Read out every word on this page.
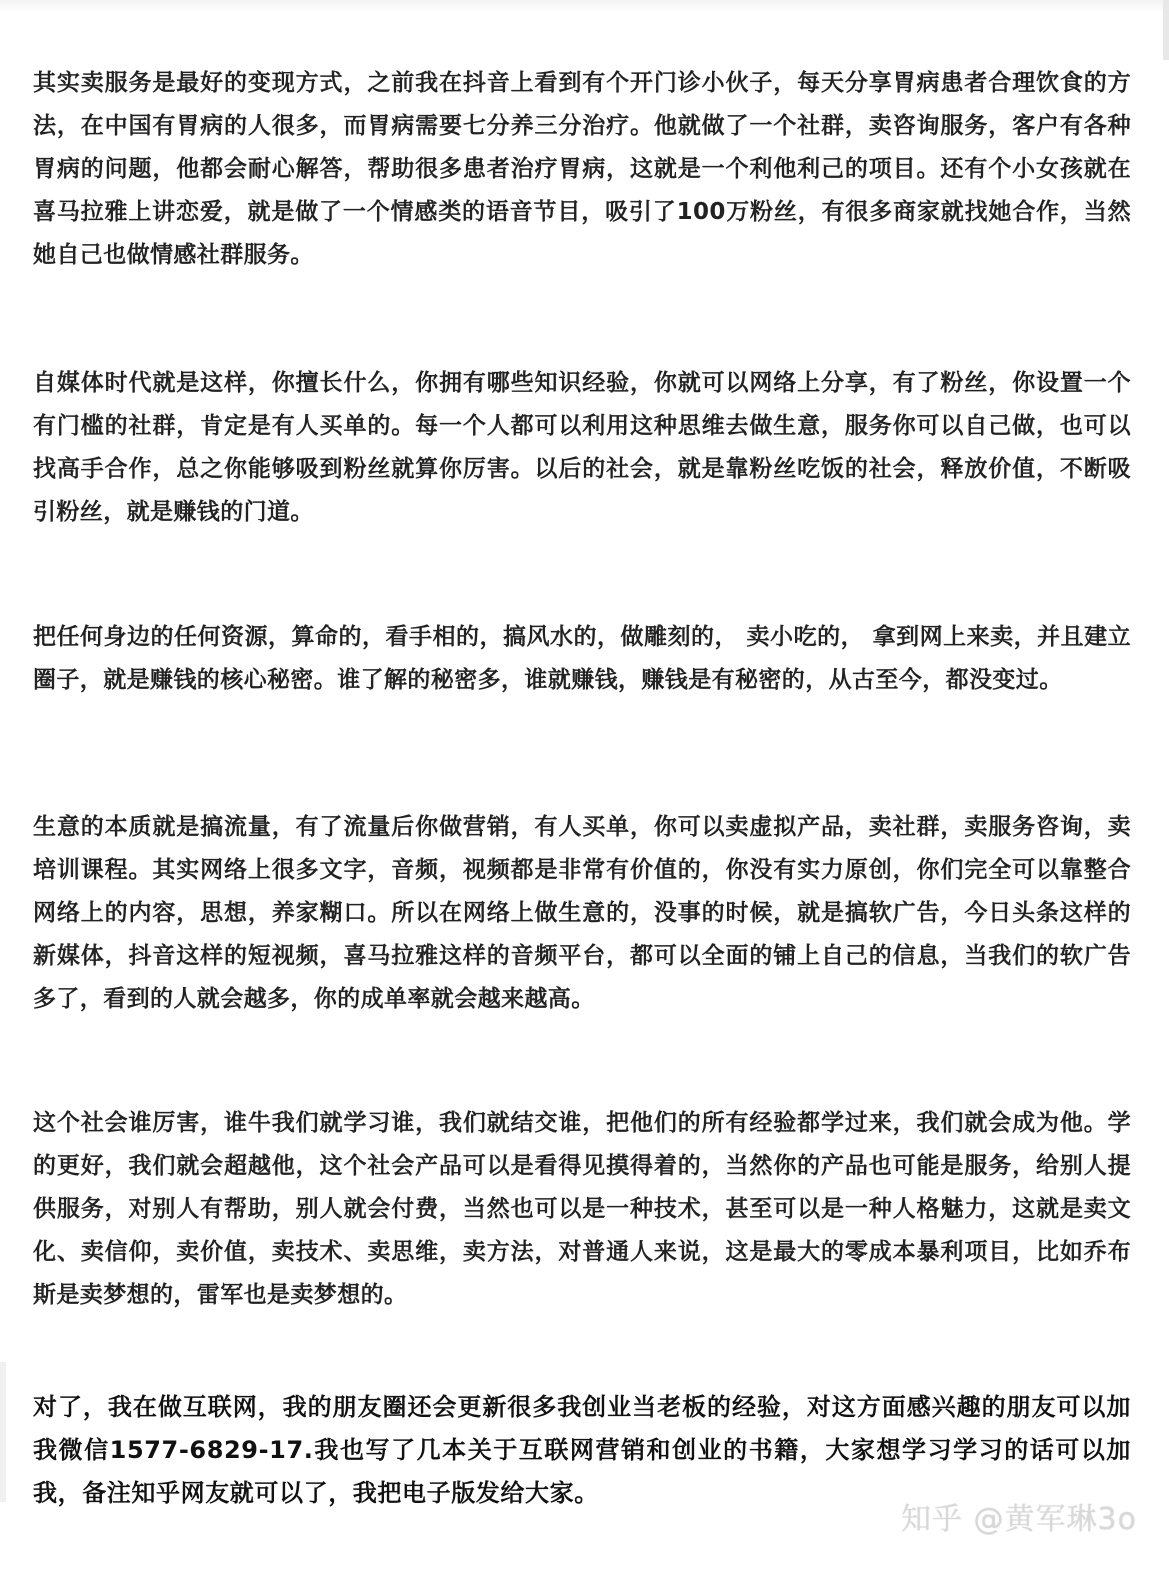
其实卖服务是最好的变现方式，之前我在抖音上看到有个开门诊小伙子，每天分享胃病患者合理饮食的方法，在中国有胃病的人很多，而胃病需要七分养三分治疗。他就做了一个社群，卖咨询服务，客户有各种胃病的问题，他都会耐心解答，帮助很多患者治疗胃病，这就是一个利他利己的项目。还有个小女孩就在喜马拉雅上讲恋爱，就是做了一个情感类的语音节目，吸引了100万粉丝，有很多商家就找她合作，当然她自己也做情感社群服务。

自媒体时代就是这样，你擅长什么，你拥有哪些知识经验，你就可以网络上分享，有了粉丝，你设置一个有门槛的社群，肯定是有人买单的。每一个人都可以利用这种思维去做生意，服务你可以自己做，也可以找高手合作，总之你能够吸到粉丝就算你厉害。以后的社会，就是靠粉丝吃饭的社会，释放价值，不断吸引粉丝，就是赚钱的门道。

把任何身边的任何资源，算命的，看手相的，搞风水的，做雕刻的， 卖小吃的， 拿到网上来卖，并且建立圈子，就是赚钱的核心秘密。谁了解的秘密多，谁就赚钱，赚钱是有秘密的，从古至今，都没变过。

生意的本质就是搞流量，有了流量后你做营销，有人买单，你可以卖虚拟产品，卖社群，卖服务咨询，卖培训课程。其实网络上很多文字，音频，视频都是非常有价值的，你没有实力原创，你们完全可以靠整合网络上的内容，思想，养家糊口。所以在网络上做生意的，没事的时候，就是搞软广告，今日头条这样的新媒体，抖音这样的短视频，喜马拉雅这样的音频平台，都可以全面的铺上自己的信息，当我们的软广告多了，看到的人就会越多，你的成单率就会越来越高。

这个社会谁厉害，谁牛我们就学习谁，我们就结交谁，把他们的所有经验都学过来，我们就会成为他。学的更好，我们就会超越他，这个社会产品可以是看得见摸得着的，当然你的产品也可能是服务，给别人提供服务，对别人有帮助，别人就会付费，当然也可以是一种技术，甚至可以是一种人格魅力，这就是卖文化、卖信仰，卖价值，卖技术、卖思维，卖方法，对普通人来说，这是最大的零成本暴利项目，比如乔布斯是卖梦想的，雷军也是卖梦想的。

对了，我在做互联网，我的朋友圈还会更新很多我创业当老板的经验，对这方面感兴趣的朋友可以加我微信1577-6829-17.我也写了几本关于互联网营销和创业的书籍，大家想学习学习的话可以加我，备注知乎网友就可以了，我把电子版发给大家。

知乎 @黄军琳3o
